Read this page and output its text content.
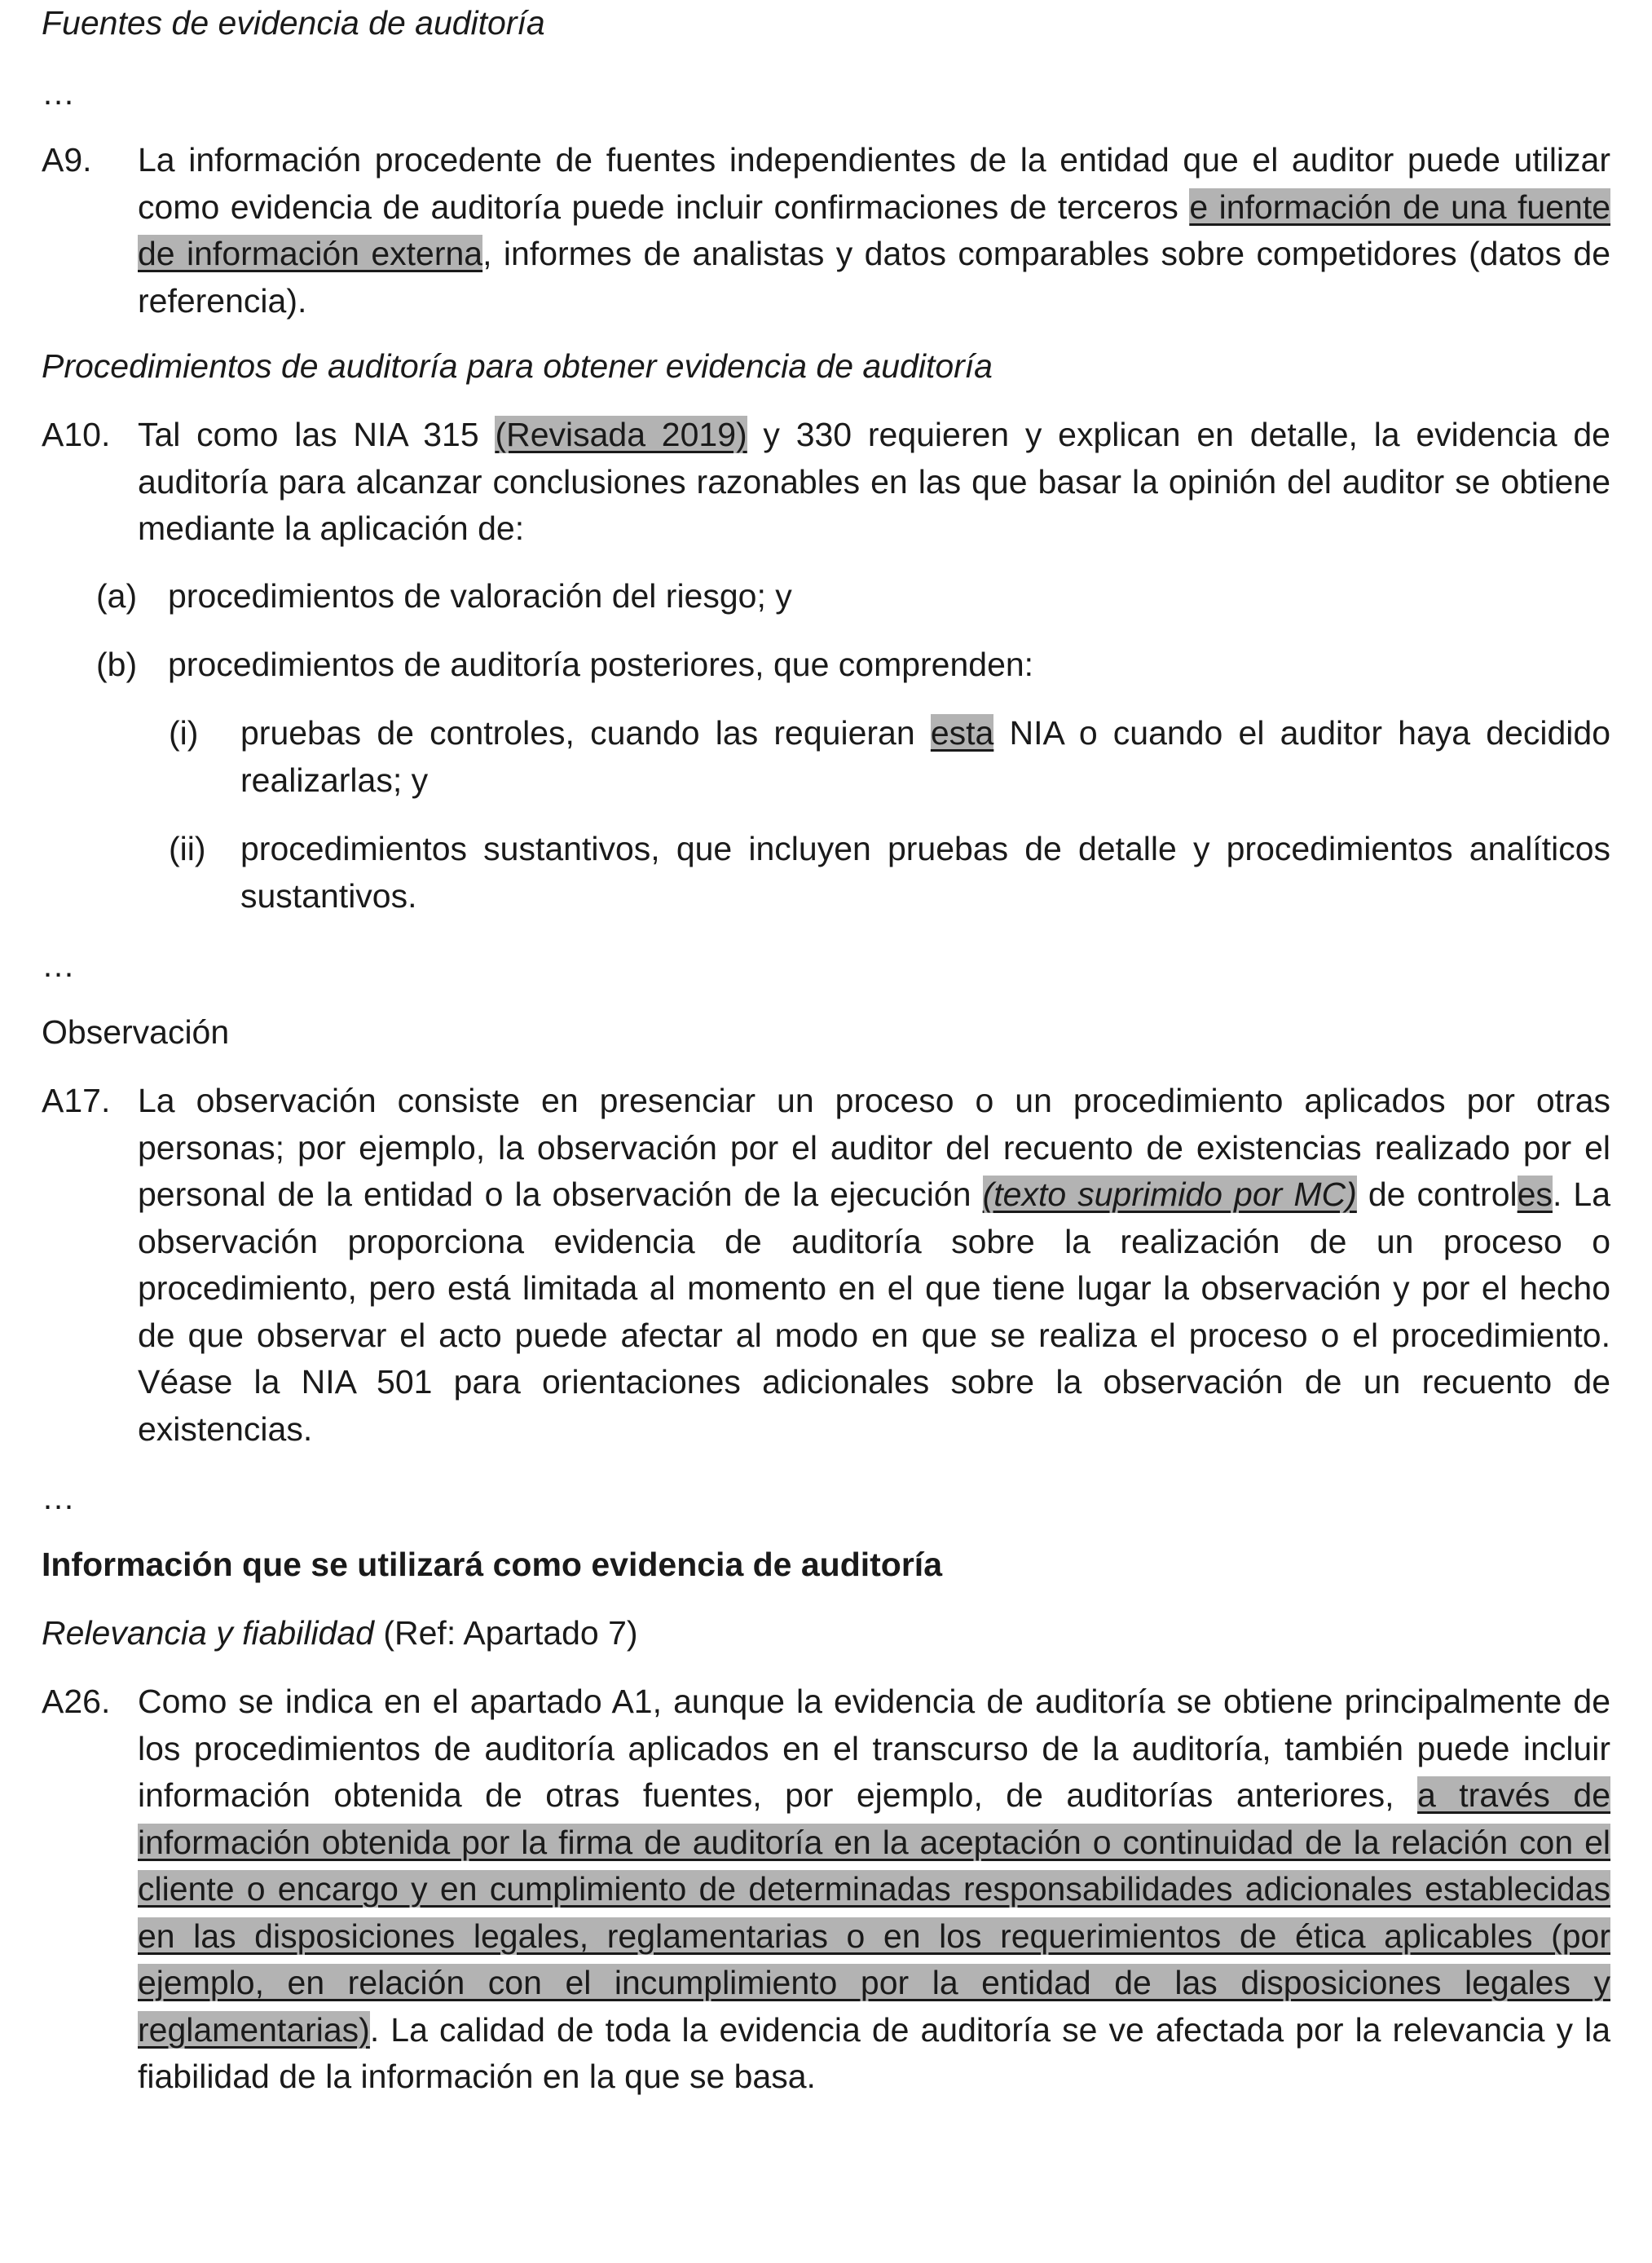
Fuentes de evidencia de auditoría
…
A9. La información procedente de fuentes independientes de la entidad que el auditor puede utilizar como evidencia de auditoría puede incluir confirmaciones de terceros e información de una fuente de información externa, informes de analistas y datos comparables sobre competidores (datos de referencia).
Procedimientos de auditoría para obtener evidencia de auditoría
A10. Tal como las NIA 315 (Revisada 2019) y 330 requieren y explican en detalle, la evidencia de auditoría para alcanzar conclusiones razonables en las que basar la opinión del auditor se obtiene mediante la aplicación de:
(a) procedimientos de valoración del riesgo; y
(b) procedimientos de auditoría posteriores, que comprenden:
(i) pruebas de controles, cuando las requieran esta NIA o cuando el auditor haya decidido realizarlas; y
(ii) procedimientos sustantivos, que incluyen pruebas de detalle y procedimientos analíticos sustantivos.
…
Observación
A17. La observación consiste en presenciar un proceso o un procedimiento aplicados por otras personas; por ejemplo, la observación por el auditor del recuento de existencias realizado por el personal de la entidad o la observación de la ejecución (texto suprimido por MC) de controles. La observación proporciona evidencia de auditoría sobre la realización de un proceso o procedimiento, pero está limitada al momento en el que tiene lugar la observación y por el hecho de que observar el acto puede afectar al modo en que se realiza el proceso o el procedimiento. Véase la NIA 501 para orientaciones adicionales sobre la observación de un recuento de existencias.
…
Información que se utilizará como evidencia de auditoría
Relevancia y fiabilidad (Ref: Apartado 7)
A26. Como se indica en el apartado A1, aunque la evidencia de auditoría se obtiene principalmente de los procedimientos de auditoría aplicados en el transcurso de la auditoría, también puede incluir información obtenida de otras fuentes, por ejemplo, de auditorías anteriores, a través de información obtenida por la firma de auditoría en la aceptación o continuidad de la relación con el cliente o encargo y en cumplimiento de determinadas responsabilidades adicionales establecidas en las disposiciones legales, reglamentarias o en los requerimientos de ética aplicables (por ejemplo, en relación con el incumplimiento por la entidad de las disposiciones legales y reglamentarias). La calidad de toda la evidencia de auditoría se ve afectada por la relevancia y la fiabilidad de la información en la que se basa.
